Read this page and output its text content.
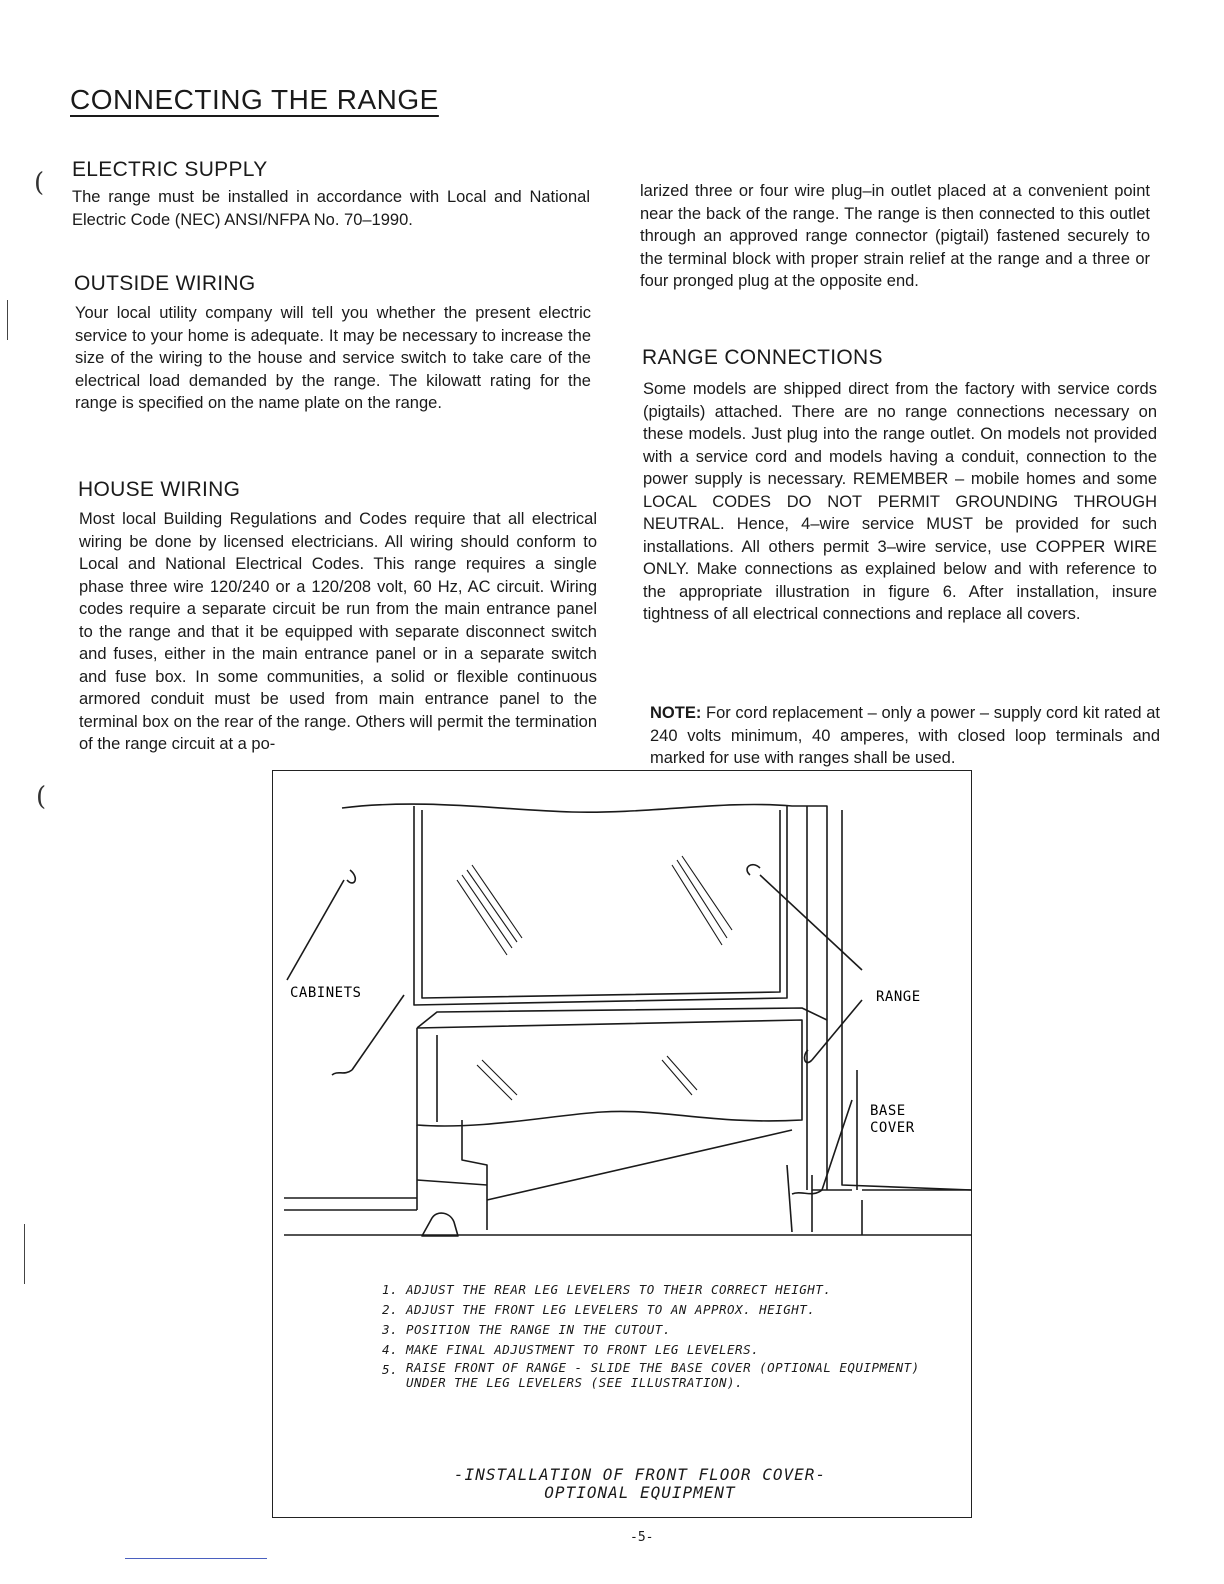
CONNECTING THE RANGE
ELECTRIC SUPPLY

The range must be installed in accordance with Local and National Electric Code (NEC) ANSI/NFPA No. 70–1990.

OUTSIDE WIRING

Your local utility company will tell you whether the present electric service to your home is adequate. It may be necessary to increase the size of the wiring to the house and service switch to take care of the electrical load demanded by the range. The kilowatt rating for the range is specified on the name plate on the range.

HOUSE WIRING

Most local Building Regulations and Codes require that all electrical wiring be done by licensed electricians. All wiring should conform to Local and National Electrical Codes. This range requires a single phase three wire 120/240 or a 120/208 volt, 60 Hz, AC circuit. Wiring codes require a separate circuit be run from the main entrance panel to the range and that it be equipped with separate disconnect switch and fuses, either in the main entrance panel or in a separate switch and fuse box. In some communities, a solid or flexible continuous armored conduit must be used from main entrance panel to the terminal box on the rear of the range. Others will permit the termination of the range circuit at a po-

larized three or four wire plug–in outlet placed at a convenient point near the back of the range. The range is then connected to this outlet through an approved range connector (pigtail) fastened securely to the terminal block with proper strain relief at the range and a three or four pronged plug at the opposite end.

RANGE CONNECTIONS

Some models are shipped direct from the factory with service cords (pigtails) attached. There are no range connections necessary on these models. Just plug into the range outlet. On models not provided with a service cord and models having a conduit, connection to the power supply is necessary. REMEMBER – mobile homes and some LOCAL CODES DO NOT PERMIT GROUNDING THROUGH NEUTRAL. Hence, 4–wire service MUST be provided for such installations. All others permit 3–wire service, use COPPER WIRE ONLY. Make connections as explained below and with reference to the appropriate illustration in figure 6. After installation, insure tightness of all electrical connections and replace all covers.

NOTE: For cord replacement – only a power – supply cord kit rated at 240 volts minimum, 40 amperes, with closed loop terminals and marked for use with ranges shall be used.

(
(
CABINETS	RANGE
BASE
COVER
1. ADJUST THE REAR LEG LEVELERS TO THEIR CORRECT HEIGHT.
2. ADJUST THE FRONT LEG LEVELERS TO AN APPROX. HEIGHT.
3. POSITION THE RANGE IN THE CUTOUT.
4. MAKE FINAL ADJUSTMENT TO FRONT LEG LEVELERS.
5. RAISE FRONT OF RANGE - SLIDE THE BASE COVER (OPTIONAL EQUIPMENT) UNDER THE LEG LEVELERS (SEE ILLUSTRATION).
-INSTALLATION OF FRONT FLOOR COVER-
OPTIONAL EQUIPMENT
-5-
